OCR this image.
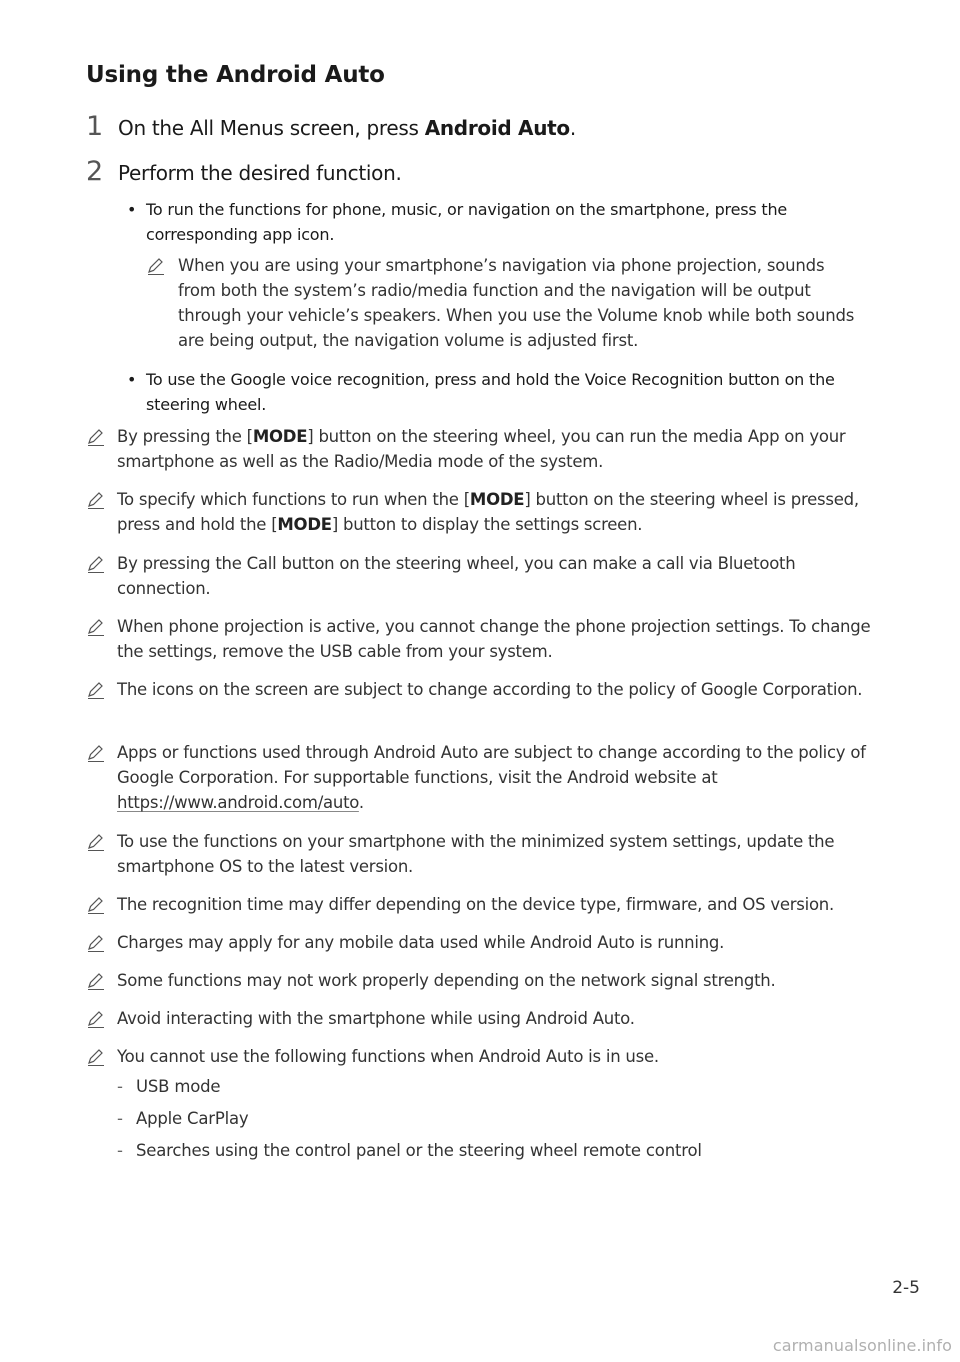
Using the Android Auto
1 On the All Menus screen, press Android Auto.
2 Perform the desired function.
• To run the functions for phone, music, or navigation on the smartphone, press the corresponding app icon.
When you are using your smartphone’s navigation via phone projection, sounds from both the system’s radio/media function and the navigation will be output through your vehicle’s speakers. When you use the Volume knob while both sounds are being output, the navigation volume is adjusted first.
• To use the Google voice recognition, press and hold the Voice Recognition button on the steering wheel.
By pressing the [MODE] button on the steering wheel, you can run the media App on your smartphone as well as the Radio/Media mode of the system.
To specify which functions to run when the [MODE] button on the steering wheel is pressed, press and hold the [MODE] button to display the settings screen.
By pressing the Call button on the steering wheel, you can make a call via Bluetooth connection.
When phone projection is active, you cannot change the phone projection settings. To change the settings, remove the USB cable from your system.
The icons on the screen are subject to change according to the policy of Google Corporation.
Apps or functions used through Android Auto are subject to change according to the policy of Google Corporation. For supportable functions, visit the Android website at https://www.android.com/auto.
To use the functions on your smartphone with the minimized system settings, update the smartphone OS to the latest version.
The recognition time may differ depending on the device type, firmware, and OS version.
Charges may apply for any mobile data used while Android Auto is running.
Some functions may not work properly depending on the network signal strength.
Avoid interacting with the smartphone while using Android Auto.
You cannot use the following functions when Android Auto is in use.
- USB mode
- Apple CarPlay
- Searches using the control panel or the steering wheel remote control
2-5
carmanualsonline.info
